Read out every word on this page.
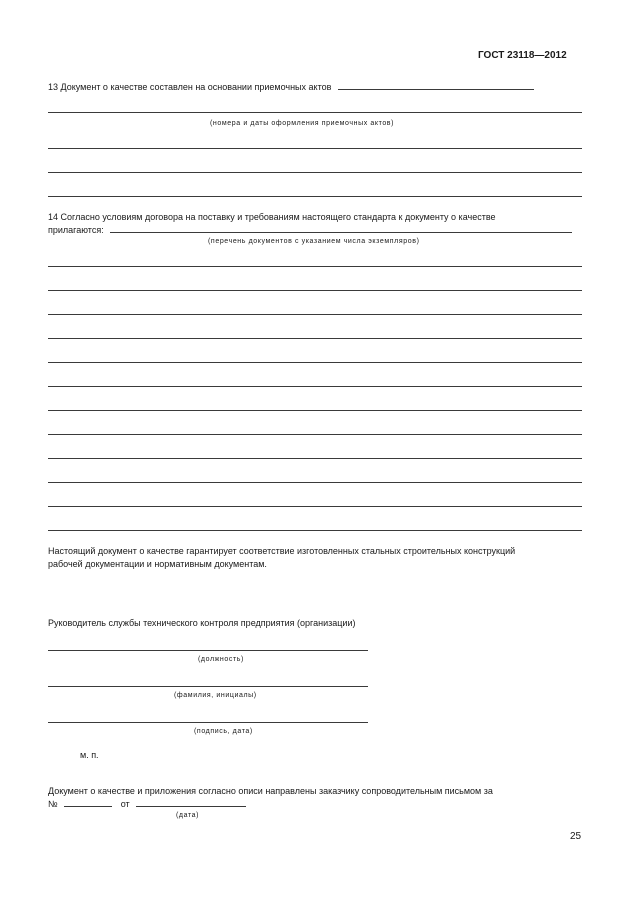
ГОСТ 23118—2012
13 Документ о качестве составлен на основании приемочных актов
(номера и даты оформления приемочных актов)
14 Согласно условиям договора на поставку и требованиям настоящего стандарта к документу о качестве
прилагаются:
(перечень документов с указанием числа экземпляров)
Настоящий документ о качестве гарантирует соответствие изготовленных стальных строительных конструкций
рабочей документации и нормативным документам.
Руководитель службы технического контроля предприятия (организации)
(должность)
(фамилия, инициалы)
(подпись, дата)
м. п.
Документ о качестве и приложения согласно описи направлены заказчику сопроводительным письмом за
№	от
(дата)
25
